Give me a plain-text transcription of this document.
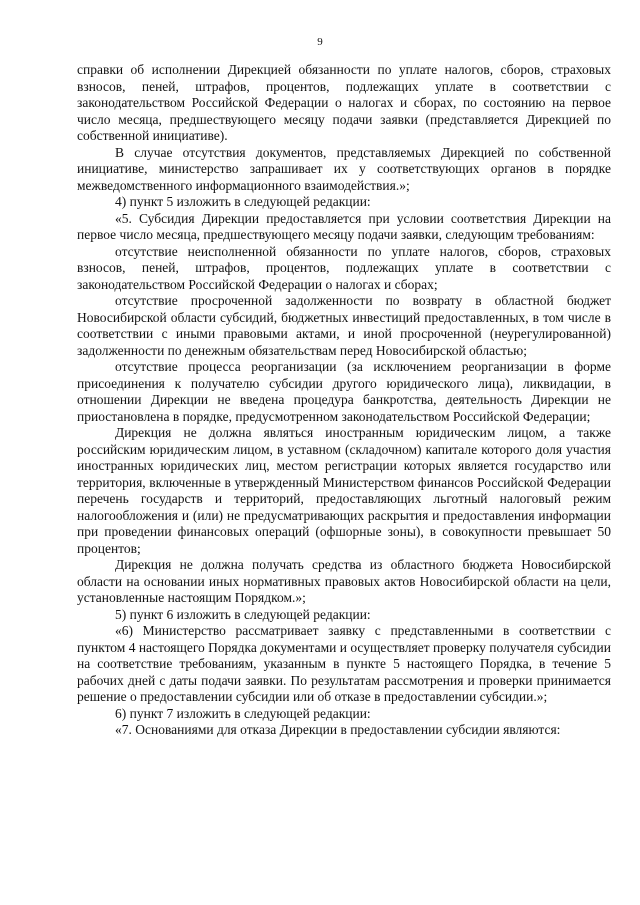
9

справки об исполнении Дирекцией обязанности по уплате налогов, сборов, страховых взносов, пеней, штрафов, процентов, подлежащих уплате в соответствии с законодательством Российской Федерации о налогах и сборах, по состоянию на первое число месяца, предшествующего месяцу подачи заявки (представляется Дирекцией по собственной инициативе).

В случае отсутствия документов, представляемых Дирекцией по собственной инициативе, министерство запрашивает их у соответствующих органов в порядке межведомственного информационного взаимодействия.»;

4) пункт 5 изложить в следующей редакции:

«5. Субсидия Дирекции предоставляется при условии соответствия Дирекции на первое число месяца, предшествующего месяцу подачи заявки, следующим требованиям:

отсутствие неисполненной обязанности по уплате налогов, сборов, страховых взносов, пеней, штрафов, процентов, подлежащих уплате в соответствии с законодательством Российской Федерации о налогах и сборах;

отсутствие просроченной задолженности по возврату в областной бюджет Новосибирской области субсидий, бюджетных инвестиций предоставленных, в том числе в соответствии с иными правовыми актами, и иной просроченной (неурегулированной) задолженности по денежным обязательствам перед Новосибирской областью;

отсутствие процесса реорганизации (за исключением реорганизации в форме присоединения к получателю субсидии другого юридического лица), ликвидации, в отношении Дирекции не введена процедура банкротства, деятельность Дирекции не приостановлена в порядке, предусмотренном законодательством Российской Федерации;

Дирекция не должна являться иностранным юридическим лицом, а также российским юридическим лицом, в уставном (складочном) капитале которого доля участия иностранных юридических лиц, местом регистрации которых является государство или территория, включенные в утвержденный Министерством финансов Российской Федерации перечень государств и территорий, предоставляющих льготный налоговый режим налогообложения и (или) не предусматривающих раскрытия и предоставления информации при проведении финансовых операций (офшорные зоны), в совокупности превышает 50 процентов;

Дирекция не должна получать средства из областного бюджета Новосибирской области на основании иных нормативных правовых актов Новосибирской области на цели, установленные настоящим Порядком.»;

5) пункт 6 изложить в следующей редакции:

«6) Министерство рассматривает заявку с представленными в соответствии с пунктом 4 настоящего Порядка документами и осуществляет проверку получателя субсидии на соответствие требованиям, указанным в пункте 5 настоящего Порядка, в течение 5 рабочих дней с даты подачи заявки. По результатам рассмотрения и проверки принимается решение о предоставлении субсидии или об отказе в предоставлении субсидии.»;

6) пункт 7 изложить в следующей редакции:

«7. Основаниями для отказа Дирекции в предоставлении субсидии являются:
